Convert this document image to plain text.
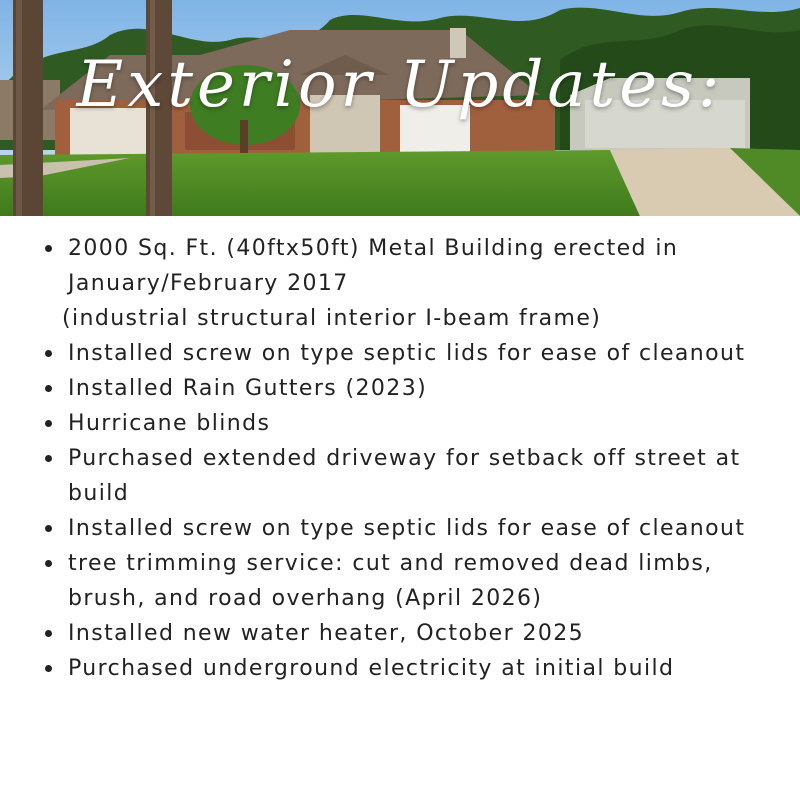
Exterior Updates:
2000 Sq. Ft. (40ftx50ft) Metal Building erected in January/February 2017
(industrial structural interior I-beam frame)
Installed screw on type septic lids for ease of cleanout
Installed Rain Gutters (2023)
Hurricane blinds
Purchased extended driveway for setback off street at build
Installed screw on type septic lids for ease of cleanout
tree trimming service: cut and removed dead limbs, brush, and road overhang (April 2026)
Installed new water heater, October 2025
Purchased underground electricity at initial build
